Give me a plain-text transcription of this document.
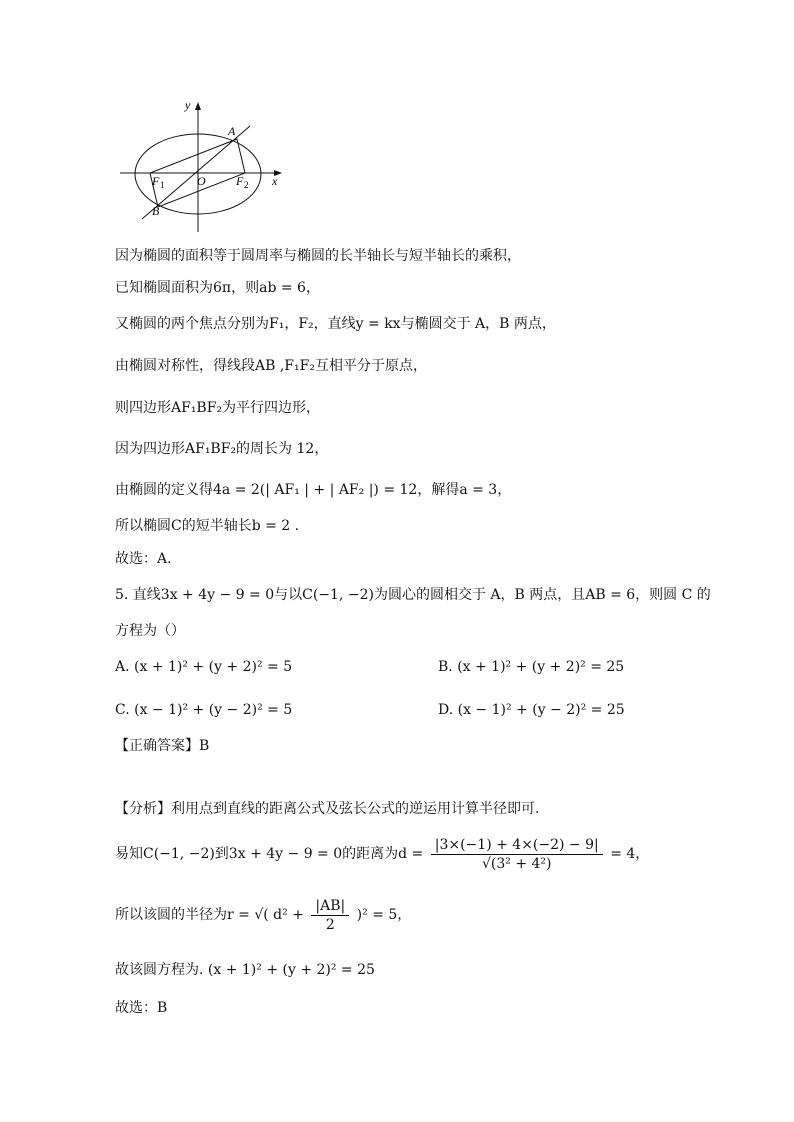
y
A
F 1	O	F 2 x
B
因为椭圆的面积等于圆周率与椭圆的长半轴长与短半轴长的乘积，
已知椭圆面积为6π，则ab = 6，
又椭圆的两个焦点分别为F₁，F₂，直线y = kx与椭圆交于 A，B 两点，
由椭圆对称性，得线段AB ,F₁F₂互相平分于原点，
则四边形AF₁BF₂为平行四边形，
因为四边形AF₁BF₂的周长为 12，
由椭圆的定义得4a = 2(| AF₁ | + | AF₂ |) = 12，解得a = 3，
所以椭圆C的短半轴长b = 2 .
故选：A.
5. 直线3x + 4y − 9 = 0与以C(−1, −2)为圆心的圆相交于 A，B 两点，且AB = 6，则圆 C 的
方程为（）
A. (x + 1)² + (y + 2)² = 5	B. (x + 1)² + (y + 2)² = 25
C. (x − 1)² + (y − 2)² = 5	D. (x − 1)² + (y − 2)² = 25
【正确答案】B
【分析】利用点到直线的距离公式及弦长公式的逆运用计算半径即可.
易知C(−1, −2)到3x + 4y − 9 = 0的距离为$d = \frac{|3\times(-1) + 4\times(-2) - 9|}{\text{√(3² + 4²)}} = 4$，
所以该圆的半径为r = √( $d^2 + \frac{|AB|}{2} )^2 = 5$，
故该圆方程为. (x + 1)² + (y + 2)² = 25
故选：B
